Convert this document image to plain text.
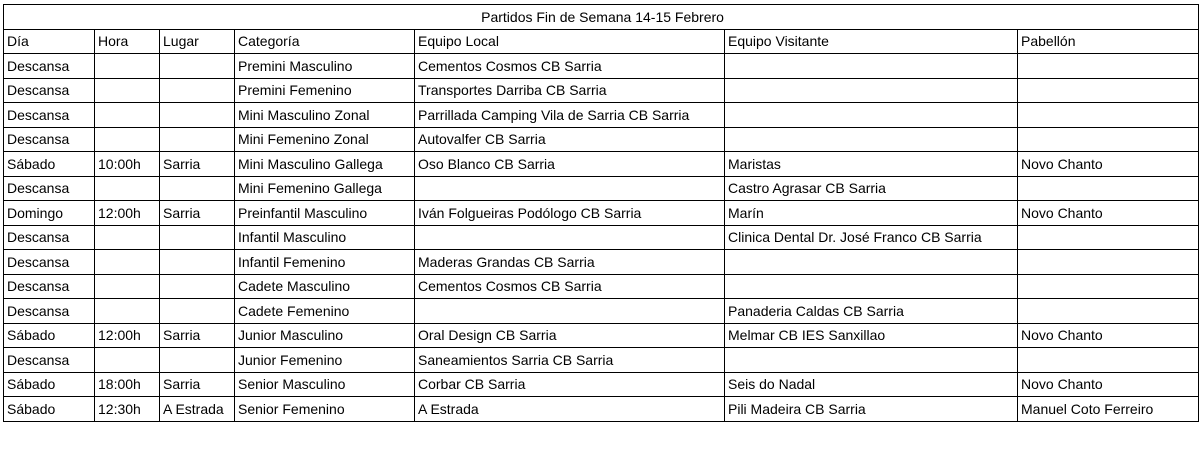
Partidos Fin de Semana 14-15 Febrero						
Día	Hora	Lugar	Categoría	Equipo Local	Equipo Visitante	Pabellón
Descansa			Premini Masculino	Cementos Cosmos CB Sarria		
Descansa			Premini Femenino	Transportes Darriba CB Sarria		
Descansa			Mini Masculino Zonal	Parrillada Camping Vila de Sarria CB Sarria		
Descansa			Mini Femenino Zonal	Autovalfer CB Sarria		
Sábado	10:00h	Sarria	Mini Masculino Gallega	Oso Blanco CB Sarria	Maristas	Novo Chanto
Descansa			Mini Femenino Gallega		Castro Agrasar CB Sarria	
Domingo	12:00h	Sarria	Preinfantil Masculino	Iván Folgueiras Podólogo CB Sarria	Marín	Novo Chanto
Descansa			Infantil Masculino		Clinica Dental Dr. José Franco CB Sarria	
Descansa			Infantil Femenino	Maderas Grandas CB Sarria		
Descansa			Cadete Masculino	Cementos Cosmos CB Sarria		
Descansa			Cadete Femenino		Panaderia Caldas CB Sarria	
Sábado	12:00h	Sarria	Junior Masculino	Oral Design CB Sarria	Melmar CB IES Sanxillao	Novo Chanto
Descansa			Junior Femenino	Saneamientos Sarria CB Sarria		
Sábado	18:00h	Sarria	Senior Masculino	Corbar CB Sarria	Seis do Nadal	Novo Chanto
Sábado	12:30h	A Estrada	Senior Femenino	A Estrada	Pili Madeira CB Sarria	Manuel Coto Ferreiro
